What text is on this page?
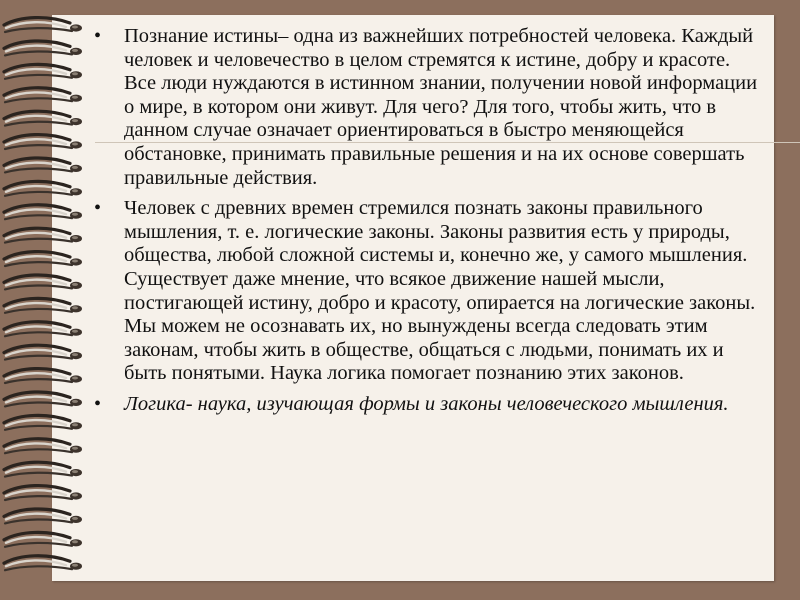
• Познание истины– одна из важнейших потребностей человека. Каждый человек и человечество в целом стремятся к истине, добру и красоте. Все люди нуждаются в истинном знании, получении новой информации о мире, в котором они живут. Для чего? Для того, чтобы жить, что в данном случае означает ориентироваться в быстро меняющейся обстановке, принимать правильные решения и на их основе совершать правильные действия.
• Человек с древних времен стремился познать законы правильного мышления, т. е. логические законы. Законы развития есть у природы, общества, любой сложной системы и, конечно же, у самого мышления. Существует даже мнение, что всякое движение нашей мысли, постигающей истину, добро и красоту, опирается на логические законы. Мы можем не осознавать их, но вынуждены всегда следовать этим законам, чтобы жить в обществе, общаться с людьми, понимать их и быть понятыми. Наука логика помогает познанию этих законов.
• Логика- наука, изучающая формы и законы человеческого мышления.
